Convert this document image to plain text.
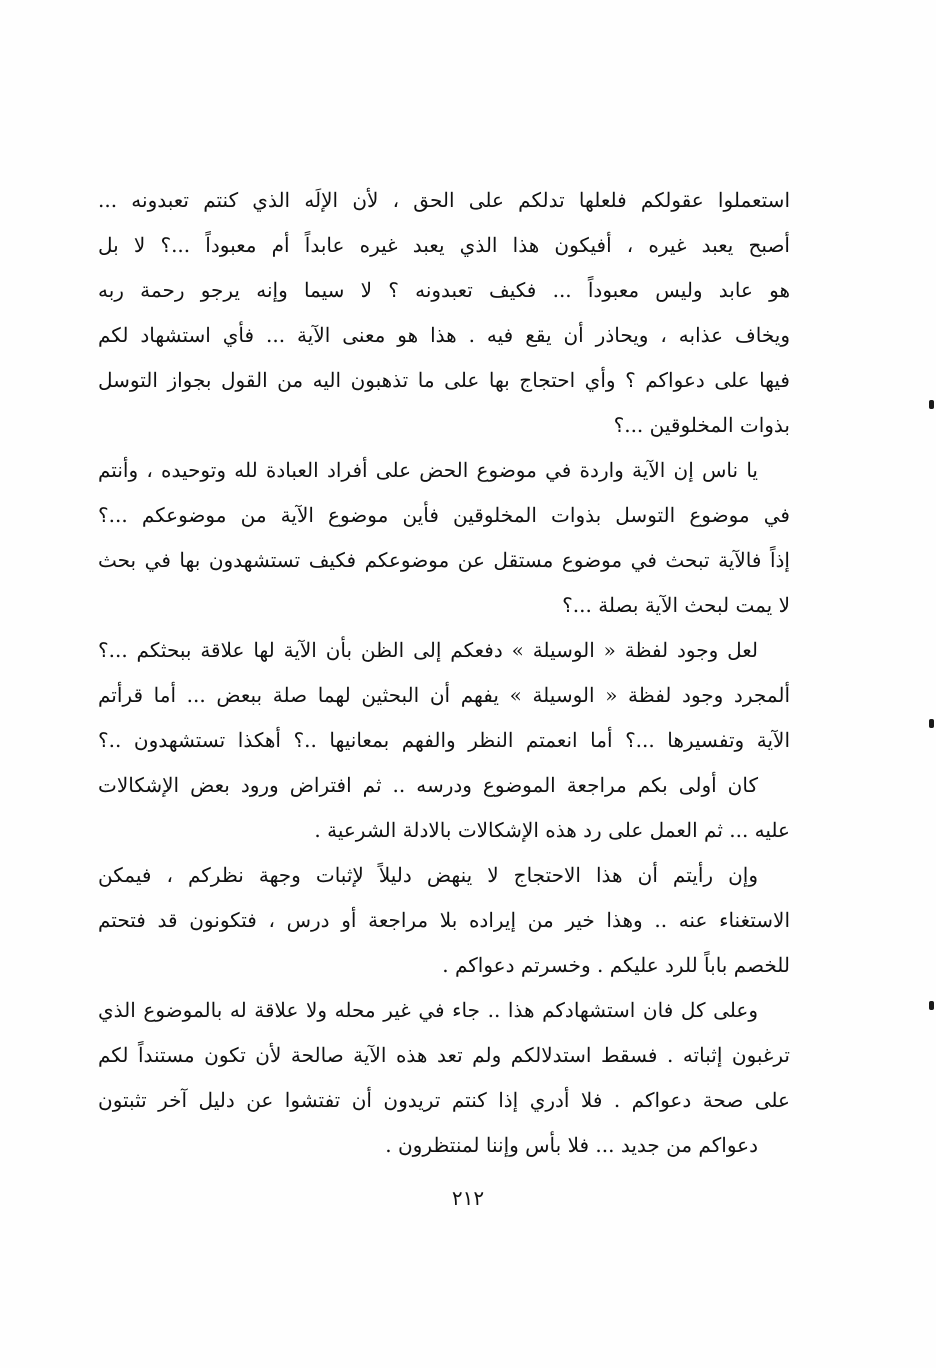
استعملوا عقولكم فلعلها تدلكم على الحق ، لأن الإلَه الذي كنتم تعبدونه ...
أصبح يعبد غيره ، أفيكون هذا الذي يعبد غيره عابداً أم معبوداً ...؟ لا بل
هو عابد وليس معبوداً ... فكيف تعبدونه ؟ لا سيما وإنه يرجو رحمة ربه
ويخاف عذابه ، ويحاذر أن يقع فيه . هذا هو معنى الآية ... فأي استشهاد لكم
فيها على دعواكم ؟ وأي احتجاج بها على ما تذهبون اليه من القول بجواز التوسل
بذوات المخلوقين ...؟

يا ناس إن الآية واردة في موضوع الحض على أفراد العبادة لله وتوحيده ، وأنتم
في موضوع التوسل بذوات المخلوقين فأين موضوع الآية من موضوعكم ...؟
إذاً فالآية تبحث في موضوع مستقل عن موضوعكم فكيف تستشهدون بها في بحث
لا يمت لبحث الآية بصلة ...؟

لعل وجود لفظة « الوسيلة » دفعكم إلى الظن بأن الآية لها علاقة ببحثكم ...؟
ألمجرد وجود لفظة « الوسيلة » يفهم أن البحثين لهما صلة ببعض ... أما قرأتم
الآية وتفسيرها ...؟ أما انعمتم النظر والفهم بمعانيها ..؟ أهكذا تستشهدون ..؟

كان أولى بكم مراجعة الموضوع ودرسه .. ثم افتراض ورود بعض الإشكالات
عليه ... ثم العمل على رد هذه الإشكالات بالادلة الشرعية .

وإن رأيتم أن هذا الاحتجاج لا ينهض دليلاً لإثبات وجهة نظركم ، فيمكن
الاستغناء عنه .. وهذا خير من إيراده بلا مراجعة أو درس ، فتكونون قد فتحتم
للخصم باباً للرد عليكم . وخسرتم دعواكم .

وعلى كل فان استشهادكم هذا .. جاء في غير محله ولا علاقة له بالموضوع الذي
ترغبون إثباته . فسقط استدلالكم ولم تعد هذه الآية صالحة لأن تكون مستنداً لكم
على صحة دعواكم . فلا أدري إذا كنتم تريدون أن تفتشوا عن دليل آخر تثبتون
دعواكم من جديد ... فلا بأس وإننا لمنتظرون .

٢١٢
